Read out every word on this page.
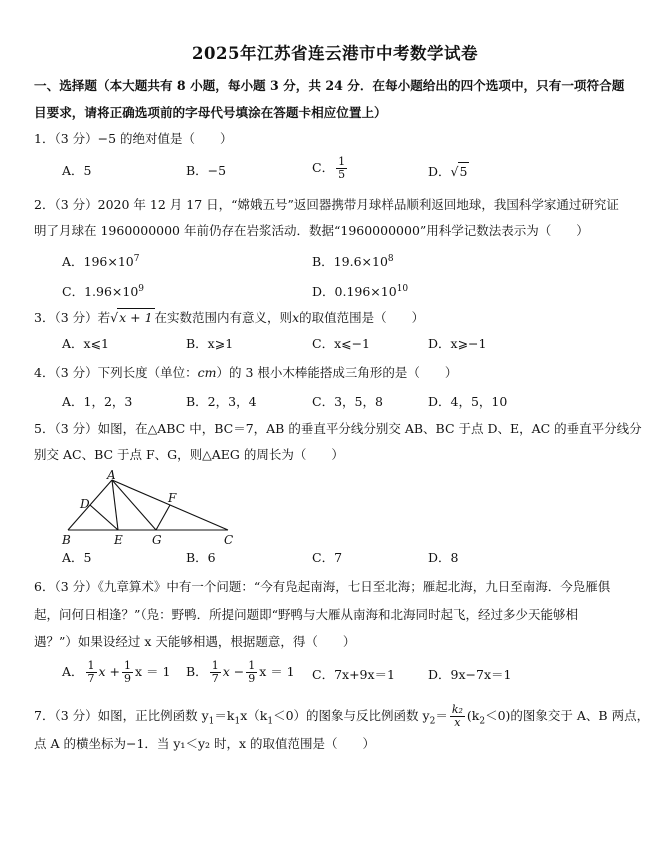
2025年江苏省连云港市中考数学试卷
一、选择题（本大题共有 8 小题，每小题 3 分，共 24 分．在每小题给出的四个选项中，只有一项符合题
目要求，请将正确选项前的字母代号填涂在答题卡相应位置上）
1．（3 分）−5 的绝对值是（　　）
A．5	B．−5	C． $\frac{1}{5}$	D．√5
2．（3 分）2020 年 12 月 17 日，“嫦娥五号”返回器携带月球样品顺利返回地球，我国科学家通过研究证
明了月球在 1960000000 年前仍存在岩浆活动．数据“1960000000”用科学记数法表示为（　　）
A．$196\times 10^7$	B．$19.6\times 10^8$
C．$1.96\times 10^9$	D．$0.196\times 10^{10}$
3．（3 分）若√x + 1 在实数范围内有意义，则x的取值范围是（　　）
A．x⩽1	B．x⩾1	C．x⩽−1	D．x⩾−1
4．（3 分）下列长度（单位：cm）的 3 根小木棒能搭成三角形的是（　　）
A．1，2，3	B．2，3，4	C．3，5，8	D．4，5，10
5．（3 分）如图，在△ABC 中，BC＝7，AB 的垂直平分线分别交 AB、BC 于点 D、E，AC 的垂直平分线分
别交 AC、BC 于点 F、G，则△AEG 的周长为（　　）
A
D	F
B	E G	C
A．5	B．6	C．7	D．8
6．（3 分）《九章算术》中有一个问题：“今有凫起南海，七日至北海；雁起北海，九日至南海．今凫雁俱
起，问何日相逢？”（凫：野鸭．所提问题即“野鸭与大雁从南海和北海同时起飞，经过多少天能够相
遇？”）如果设经过 x 天能够相遇，根据题意，得（　　）
A． $\frac{1}{7}$ $x + \frac{1}{9}$ x ＝ 1 B． $\frac{1}{7}$ $x - \frac{1}{9}$ x ＝ 1 C．7x+9x＝1	D．9x−7x＝1
7．（3 分）如图，正比例函数 $y_1=k_1x(k_1<0)$的图象与反比例函数 $y_2= \frac{\text{k₂}}{x} (k_2<0)$的图象交于 A、B 两点，
点 A 的横坐标为−1．当 y₁＜y₂ 时，x 的取值范围是（　　）
